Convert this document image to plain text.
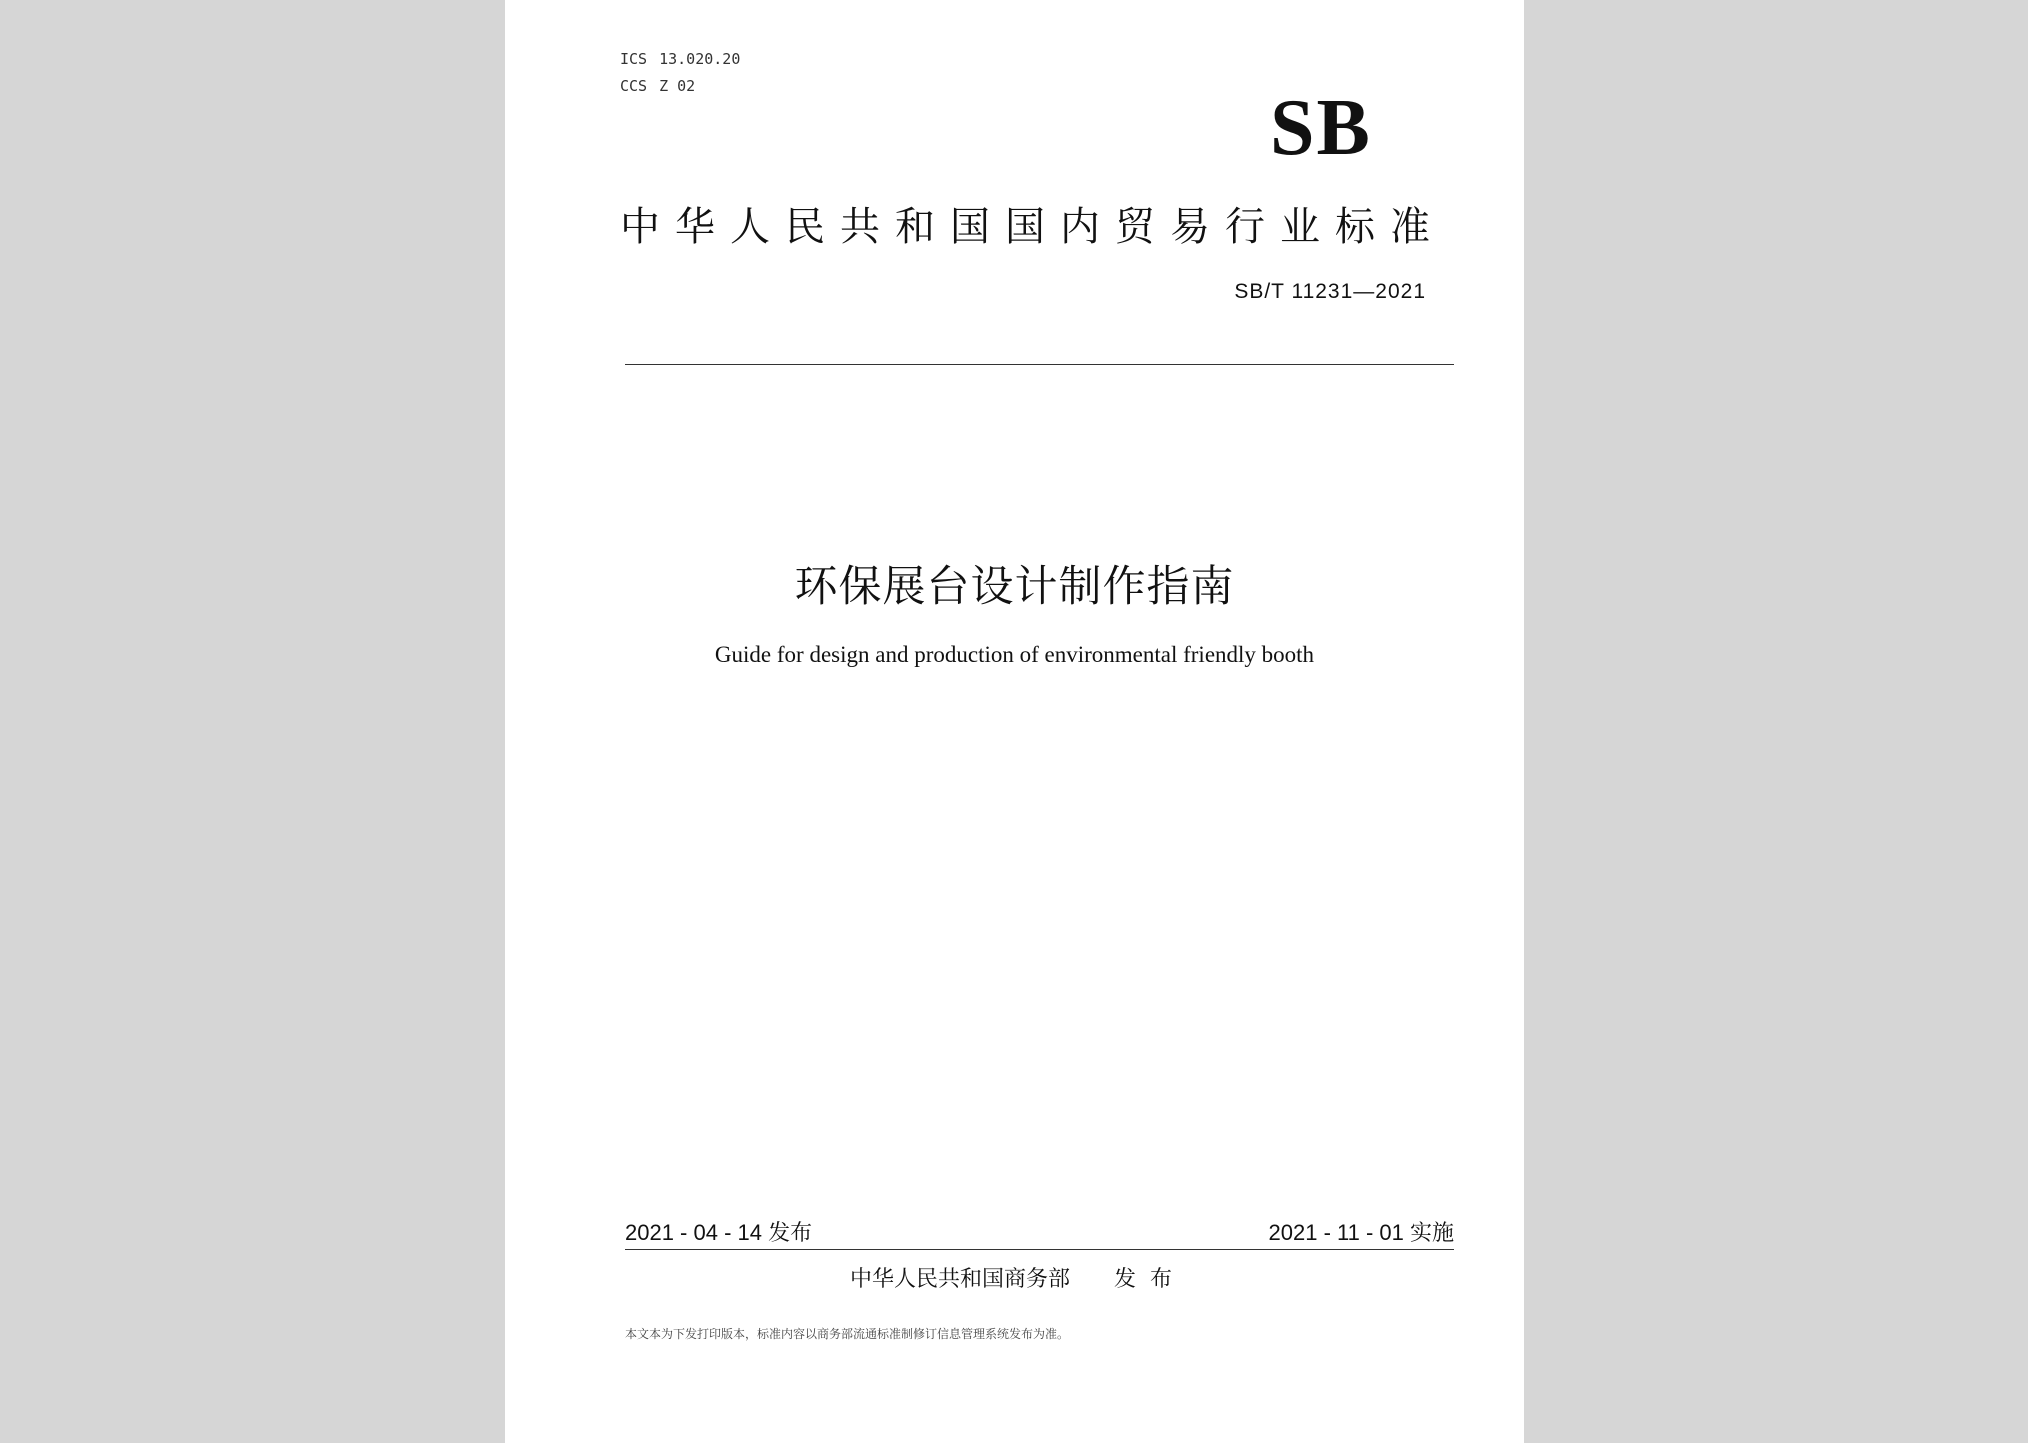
ICS 13.020.20
CCS Z 02	SB
中华人民共和国国内贸易行业标准
SB/T 11231—2021
环保展台设计制作指南
Guide for design and production of environmental friendly booth
2021 - 04 - 14 发布	2021 - 11 - 01 实施
中华人民共和国商务部 发布
本文本为下发打印版本，标准内容以商务部流通标准制修订信息管理系统发布为准。
